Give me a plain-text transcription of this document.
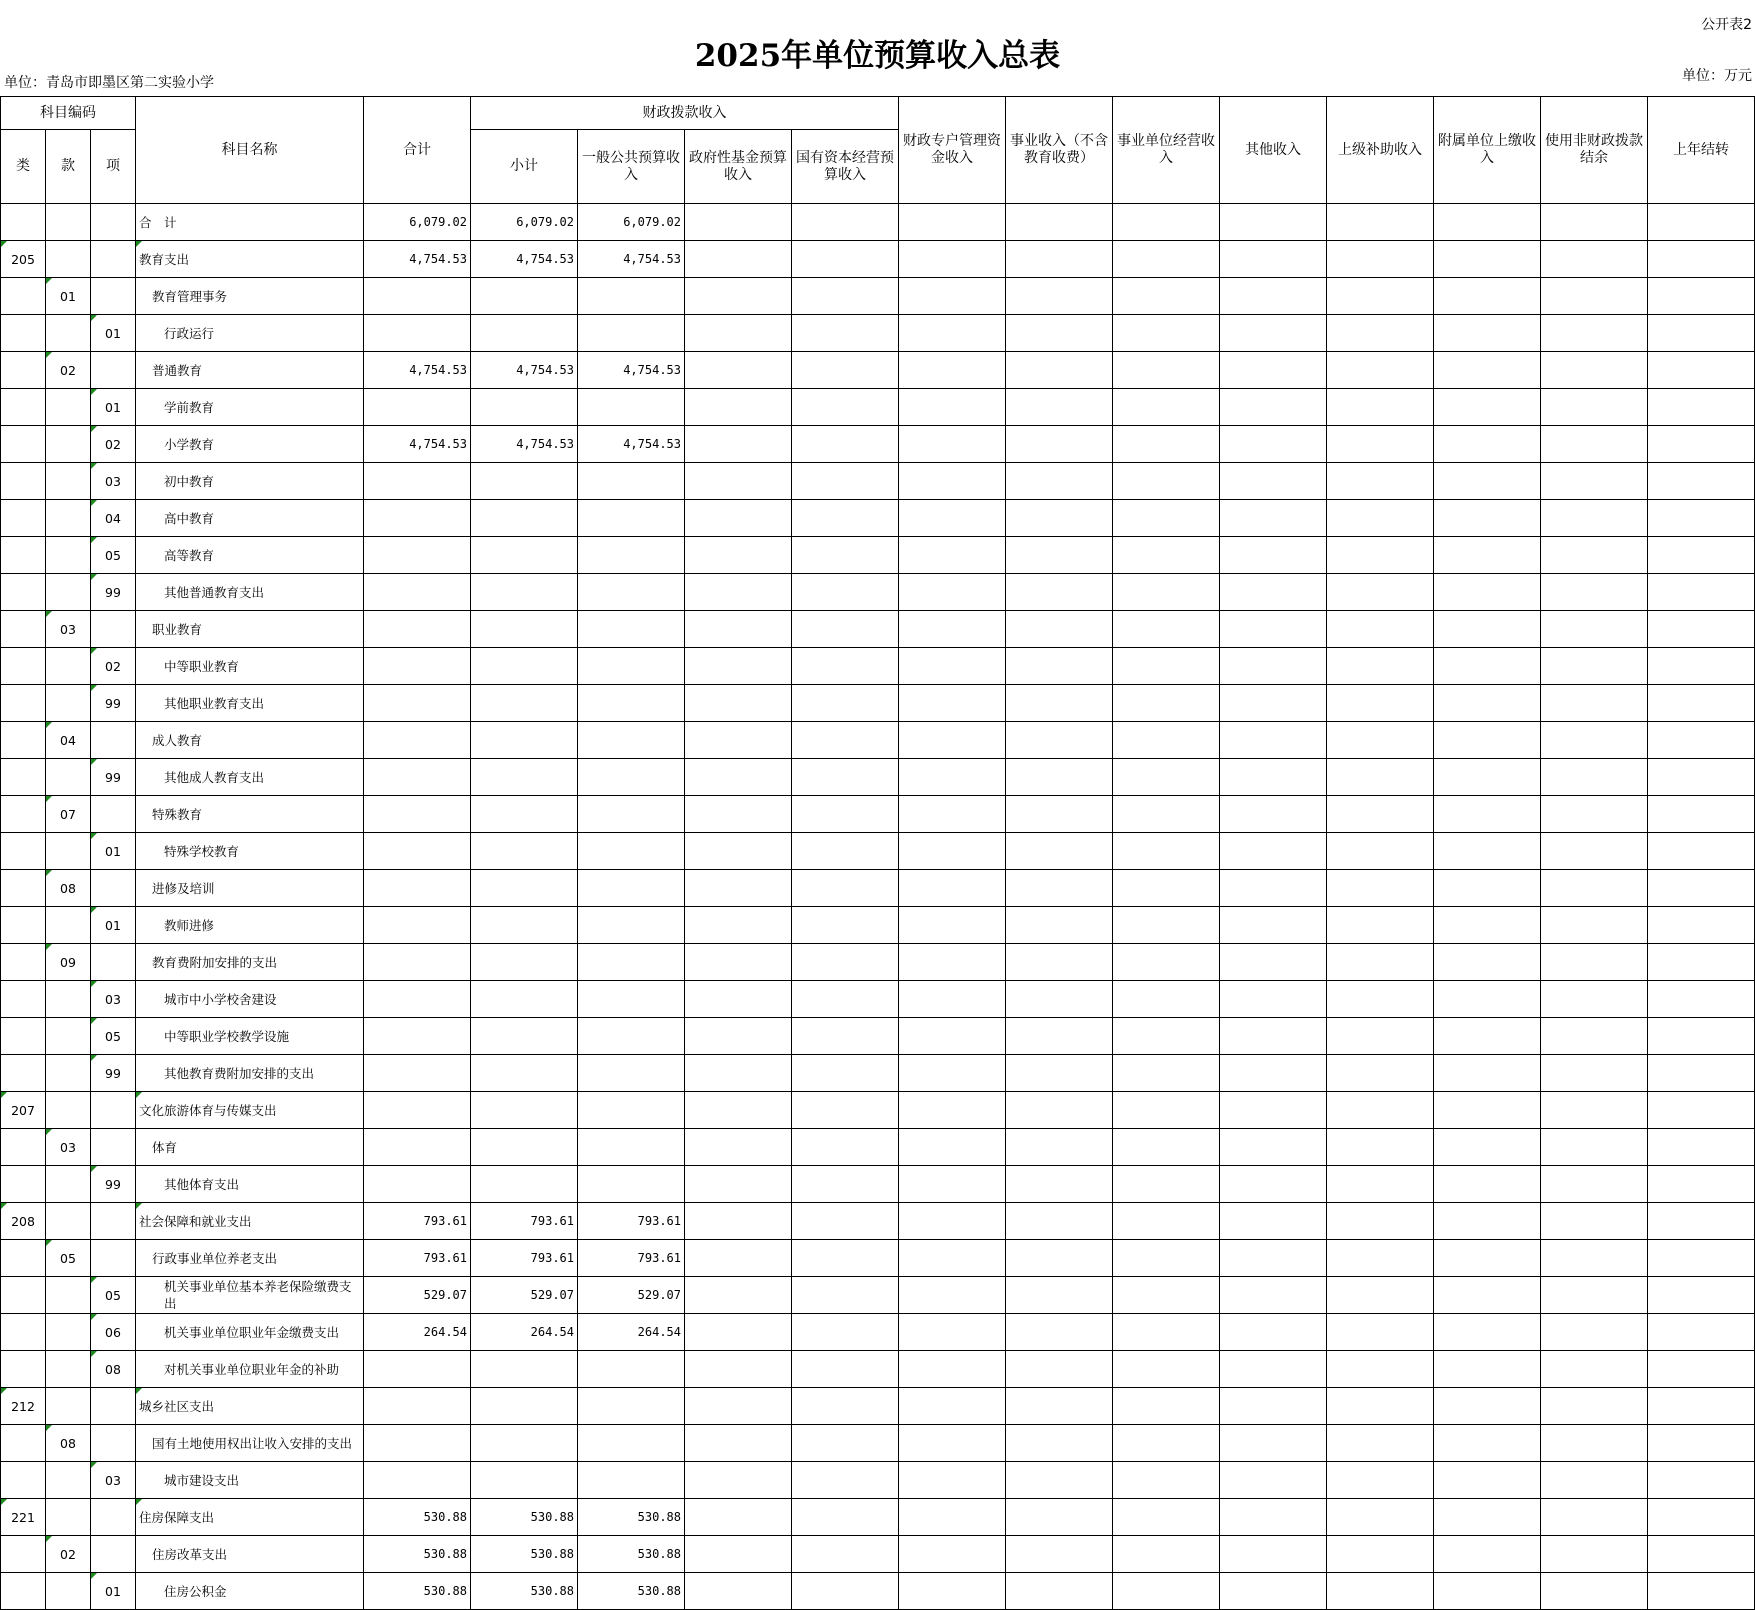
公开表2
2025年单位预算收入总表
单位：青岛市即墨区第二实验小学	单位：万元
科目编码			科目名称	合计	财政拨款收入				财政专户管理资金收入	事业收入（不含教育收费）	事业单位经营收入	其他收入	上级补助收入	附属单位上缴收入	使用非财政拨款结余	上年结转
类	款	项			小计	一般公共预算收入	政府性基金预算收入	国有资本经营预算收入								
			合　计	6,079.02	6,079.02	6,079.02										
205			教育支出	4,754.53	4,754.53	4,754.53										
	01		教育管理事务													
		01	行政运行													
	02		普通教育	4,754.53	4,754.53	4,754.53										
		01	学前教育													
		02	小学教育	4,754.53	4,754.53	4,754.53										
		03	初中教育													
		04	高中教育													
		05	高等教育													
		99	其他普通教育支出													
	03		职业教育													
		02	中等职业教育													
		99	其他职业教育支出													
	04		成人教育													
		99	其他成人教育支出													
	07		特殊教育													
		01	特殊学校教育													
	08		进修及培训													
		01	教师进修													
	09		教育费附加安排的支出													
		03	城市中小学校舍建设													
		05	中等职业学校教学设施													
		99	其他教育费附加安排的支出													
207			文化旅游体育与传媒支出													
	03		体育													
		99	其他体育支出													
208			社会保障和就业支出	793.61	793.61	793.61										
	05		行政事业单位养老支出	793.61	793.61	793.61										
		05	机关事业单位基本养老保险缴费支出	529.07	529.07	529.07										
		06	机关事业单位职业年金缴费支出	264.54	264.54	264.54										
		08	对机关事业单位职业年金的补助													
212			城乡社区支出													
	08		国有土地使用权出让收入安排的支出													
		03	城市建设支出													
221			住房保障支出	530.88	530.88	530.88										
	02		住房改革支出	530.88	530.88	530.88										
		01	住房公积金	530.88	530.88	530.88										
